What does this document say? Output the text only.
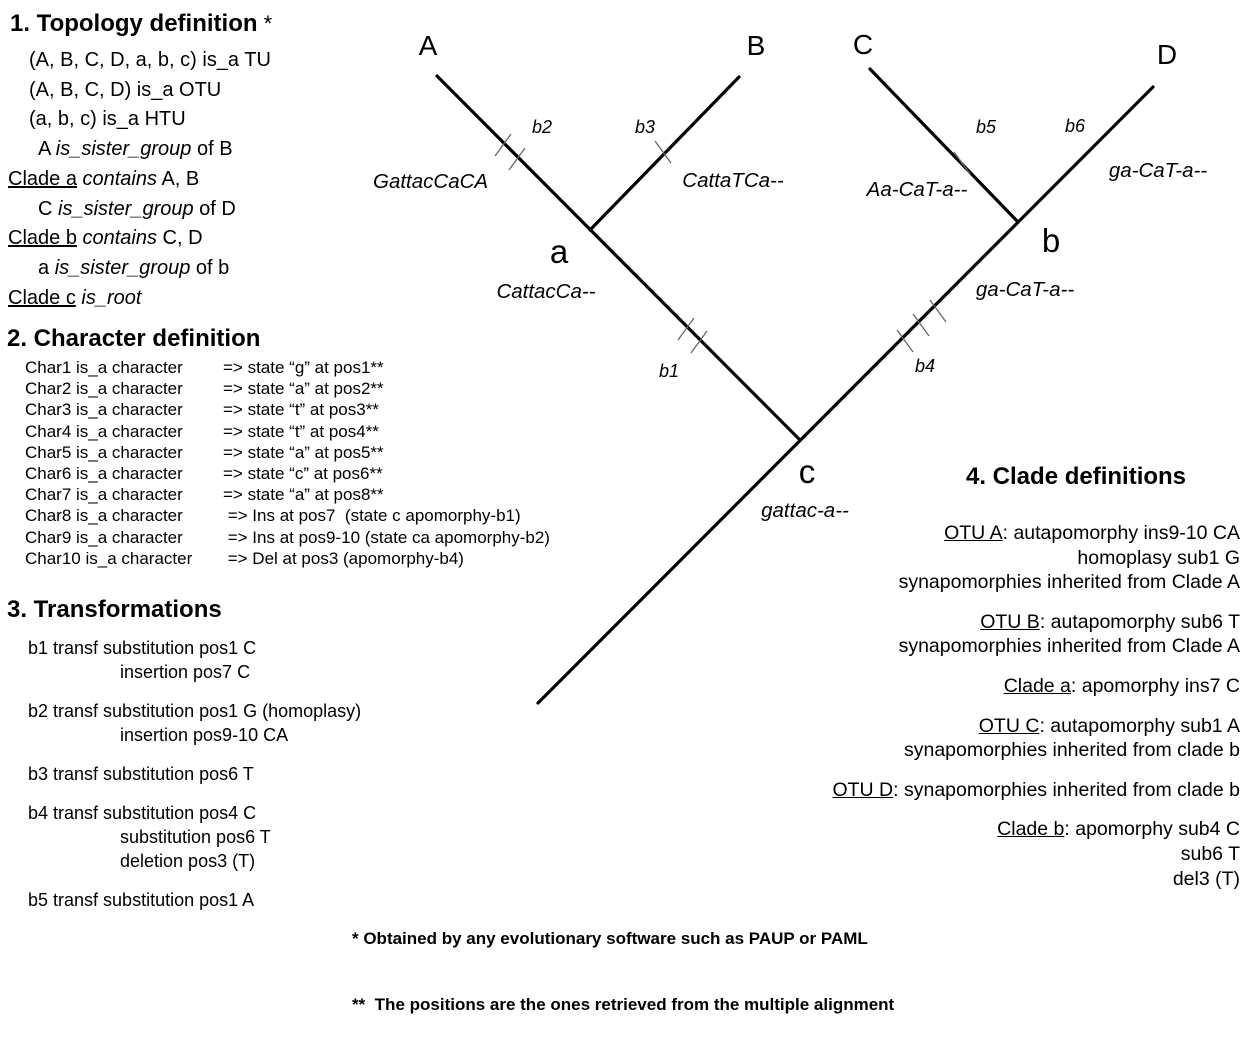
A	B	C	D
a	b
c
b2	b3	b5	b6
b1	b4
GattacCaCA	CattaTCa--	Aa-CaT-a--
ga-CaT-a--
CattacCa--	ga-CaT-a--
gattac-a--
1. Topology definition *
(A, B, C, D, a, b, c) is_a TU
(A, B, C, D) is_a OTU
(a, b, c) is_a HTU
A is_sister_group of B
Clade a contains A, B
C is_sister_group of D
Clade b contains C, D
a is_sister_group of b
Clade c is_root
2. Character definition
Char1 is_a character => state “g” at pos1**
Char2 is_a character => state “a” at pos2**
Char3 is_a character => state “t” at pos3**
Char4 is_a character => state “t” at pos4**
Char5 is_a character => state “a” at pos5**
Char6 is_a character => state “c” at pos6**
Char7 is_a character => state “a” at pos8**
Char8 is_a character => Ins at pos7  (state c apomorphy-b1)
Char9 is_a character => Ins at pos9-10 (state ca apomorphy-b2)
Char10 is_a character => Del at pos3 (apomorphy-b4)
3. Transformations
b1 transf substitution pos1 C
insertion pos7 C
b2 transf substitution pos1 G (homoplasy)
insertion pos9-10 CA
b3 transf substitution pos6 T
b4 transf substitution pos4 C
substitution pos6 T
deletion pos3 (T)
b5 transf substitution pos1 A
4. Clade definitions
OTU A: autapomorphy ins9-10 CA
homoplasy sub1 G
synapomorphies inherited from Clade A
OTU B: autapomorphy sub6 T
synapomorphies inherited from Clade A
Clade a: apomorphy ins7 C
OTU C: autapomorphy sub1 A
synapomorphies inherited from clade b
OTU D: synapomorphies inherited from clade b
Clade b: apomorphy sub4 C
sub6 T
del3 (T)

* Obtained by any evolutionary software such as PAUP or PAML

**  The positions are the ones retrieved from the multiple alignment
